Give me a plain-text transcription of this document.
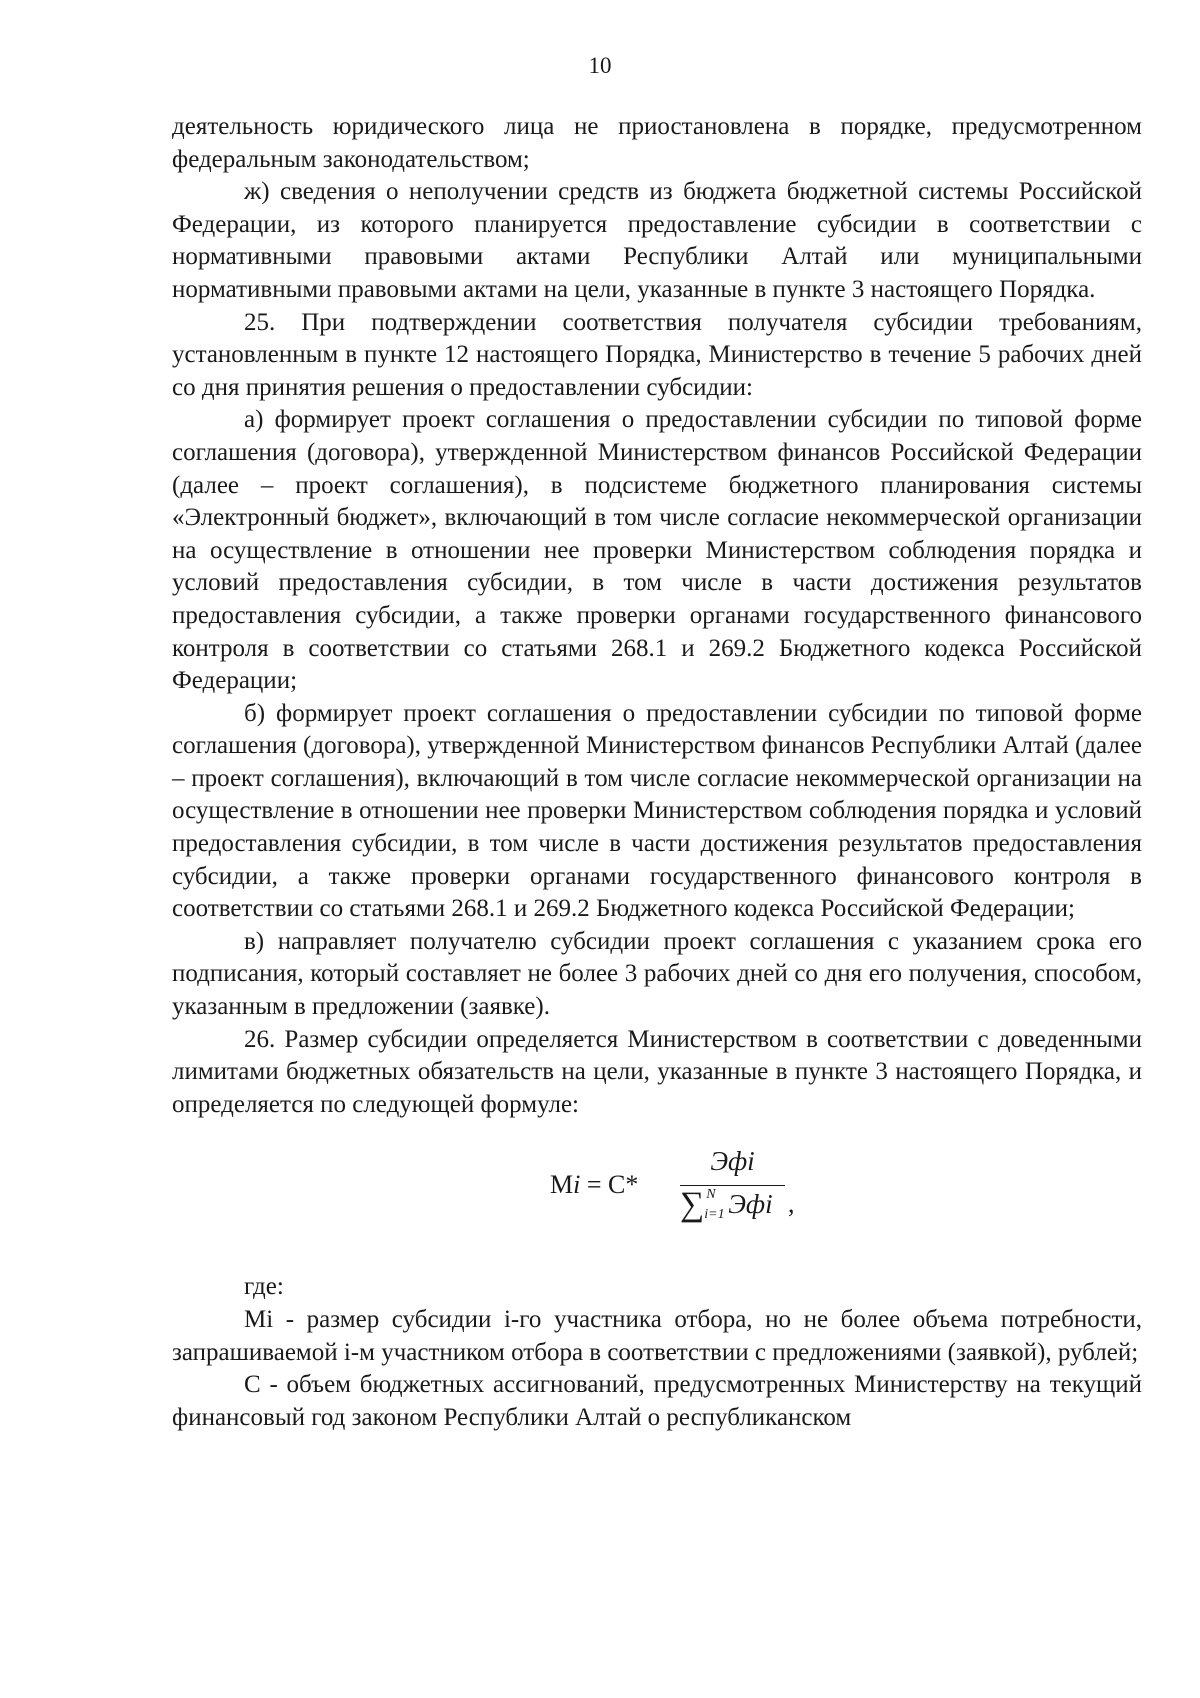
10

деятельность юридического лица не приостановлена в порядке, предусмотренном федеральным законодательством;

ж) сведения о неполучении средств из бюджета бюджетной системы Российской Федерации, из которого планируется предоставление субсидии в соответствии с нормативными правовыми актами Республики Алтай или муниципальными нормативными правовыми актами на цели, указанные в пункте 3 настоящего Порядка.

25. При подтверждении соответствия получателя субсидии требованиям, установленным в пункте 12 настоящего Порядка, Министерство в течение 5 рабочих дней со дня принятия решения о предоставлении субсидии:

а) формирует проект соглашения о предоставлении субсидии по типовой форме соглашения (договора), утвержденной Министерством финансов Российской Федерации (далее – проект соглашения), в подсистеме бюджетного планирования системы «Электронный бюджет», включающий в том числе согласие некоммерческой организации на осуществление в отношении нее проверки Министерством соблюдения порядка и условий предоставления субсидии, в том числе в части достижения результатов предоставления субсидии, а также проверки органами государственного финансового контроля в соответствии со статьями 268.1 и 269.2 Бюджетного кодекса Российской Федерации;

б) формирует проект соглашения о предоставлении субсидии по типовой форме соглашения (договора), утвержденной Министерством финансов Республики Алтай (далее – проект соглашения), включающий в том числе согласие некоммерческой организации на осуществление в отношении нее проверки Министерством соблюдения порядка и условий предоставления субсидии, в том числе в части достижения результатов предоставления субсидии, а также проверки органами государственного финансового контроля в соответствии со статьями 268.1 и 269.2 Бюджетного кодекса Российской Федерации;

в) направляет получателю субсидии проект соглашения с указанием срока его подписания, который составляет не более 3 рабочих дней со дня его получения, способом, указанным в предложении (заявке).

26. Размер субсидии определяется Министерством в соответствии с доведенными лимитами бюджетных обязательств на цели, указанные в пункте 3 настоящего Порядка, и определяется по следующей формуле:

Mi = C*
Эфi
∑ N
i=1 Эфi ,

где:

Mi - размер субсидии i-го участника отбора, но не более объема потребности, запрашиваемой i-м участником отбора в соответствии с предложениями (заявкой), рублей;

С - объем бюджетных ассигнований, предусмотренных Министерству на текущий финансовый год законом Республики Алтай о республиканском
